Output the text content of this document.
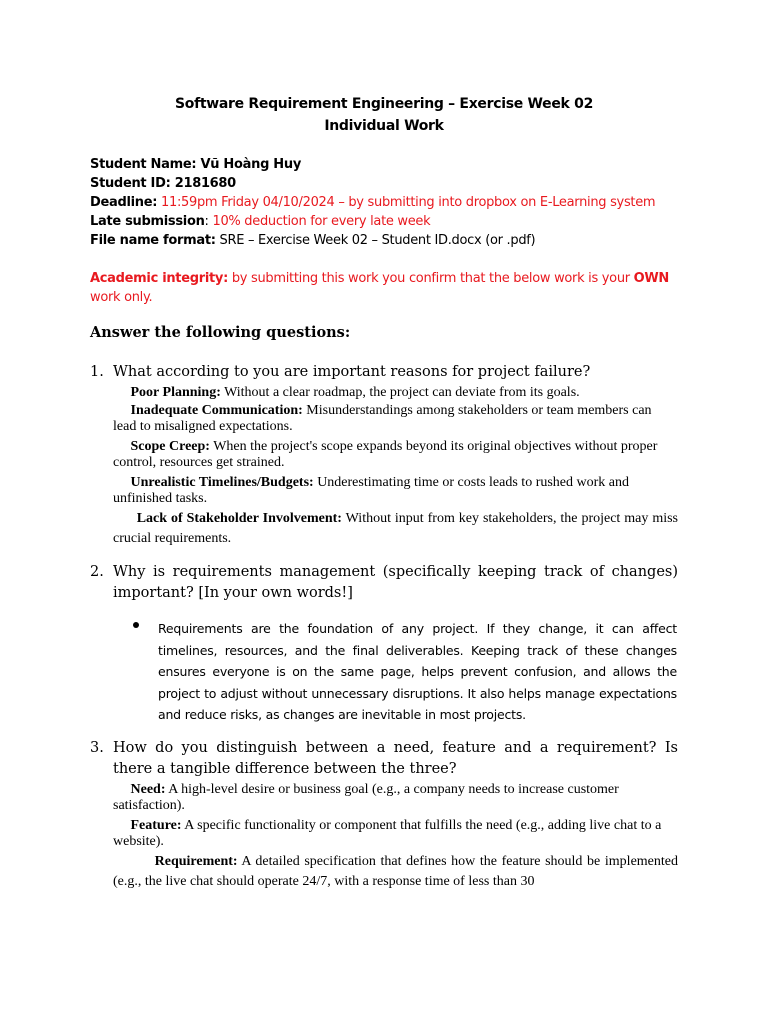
Software Requirement Engineering – Exercise Week 02
Individual Work
Student Name: Vũ Hoàng Huy
Student ID: 2181680
Deadline: 11:59pm Friday 04/10/2024 – by submitting into dropbox on E-Learning system
Late submission: 10% deduction for every late week
File name format: SRE – Exercise Week 02 – Student ID.docx (or .pdf)
Academic integrity: by submitting this work you confirm that the below work is your OWN
work only.
Answer the following questions:
1. What according to you are important reasons for project failure?
Poor Planning: Without a clear roadmap, the project can deviate from its goals.
Inadequate Communication: Misunderstandings among stakeholders or team members can lead to misaligned expectations.
Scope Creep: When the project's scope expands beyond its original objectives without proper control, resources get strained.
Unrealistic Timelines/Budgets: Underestimating time or costs leads to rushed work and unfinished tasks.
Lack of Stakeholder Involvement: Without input from key stakeholders, the project may miss crucial requirements.
2. Why is requirements management (specifically keeping track of changes) important? [In your own words!]
Requirements are the foundation of any project. If they change, it can affect timelines, resources, and the final deliverables. Keeping track of these changes ensures everyone is on the same page, helps prevent confusion, and allows the project to adjust without unnecessary disruptions. It also helps manage expectations and reduce risks, as changes are inevitable in most projects.
3. How do you distinguish between a need, feature and a requirement? Is there a tangible difference between the three?
Need: A high-level desire or business goal (e.g., a company needs to increase customer satisfaction).
Feature: A specific functionality or component that fulfills the need (e.g., adding live chat to a website).
Requirement: A detailed specification that defines how the feature should be implemented (e.g., the live chat should operate 24/7, with a response time of less than 30
